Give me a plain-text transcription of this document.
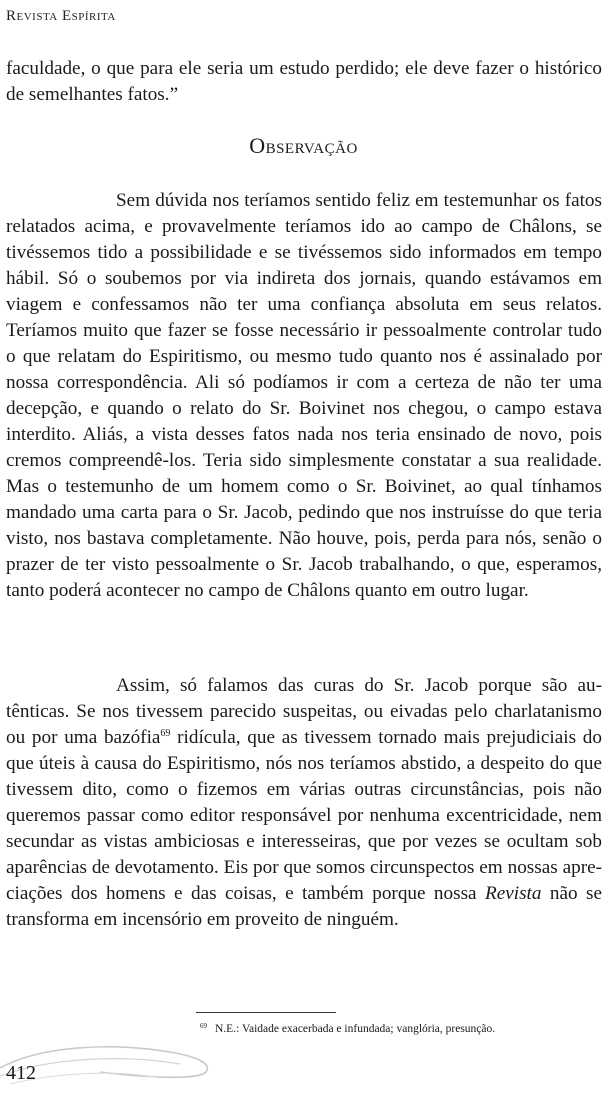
Revista Espírita
faculdade, o que para ele seria um estudo perdido; ele deve fazer o histórico de semelhantes fatos.”
Observação
Sem dúvida nos teríamos sentido feliz em testemunhar os fatos relatados acima, e provavelmente teríamos ido ao campo de Châlons, se tivéssemos tido a possibilidade e se tivéssemos sido informados em tempo hábil. Só o soubemos por via indireta dos jornais, quando estávamos em viagem e confessamos não ter uma confiança absoluta em seus relatos. Teríamos muito que fazer se fosse necessário ir pessoalmente controlar tudo o que relatam do Espiritismo, ou mesmo tudo quanto nos é assinalado por nossa correspondência. Ali só podíamos ir com a certeza de não ter uma decepção, e quando o relato do Sr. Boivinet nos chegou, o campo estava interdito. Aliás, a vista desses fatos nada nos teria ensinado de novo, pois cremos compreendê-los. Teria sido simplesmente constatar a sua realidade. Mas o testemunho de um homem como o Sr. Boivinet, ao qual tínhamos mandado uma carta para o Sr. Jacob, pedindo que nos instruísse do que teria visto, nos bastava completamente. Não houve, pois, perda para nós, senão o prazer de ter visto pessoalmente o Sr. Jacob trabalhando, o que, esperamos, tanto poderá acontecer no campo de Châlons quanto em outro lugar.
Assim, só falamos das curas do Sr. Jacob porque são autênticas. Se nos tivessem parecido suspeitas, ou eivadas pelo charlatanismo ou por uma bazófia$^{69}$ ridícula, que as tivessem tornado mais prejudiciais do que úteis à causa do Espiritismo, nós nos teríamos abstido, a despeito do que tivessem dito, como o fizemos em várias outras circunstâncias, pois não queremos passar como editor responsável por nenhuma excentricidade, nem secundar as vistas ambiciosas e interesseiras, que por vezes se ocultam sob aparências de devotamento. Eis por que somos circunspectos em nossas apreciações dos homens e das coisas, e também porque nossa Revista não se transforma em incensório em proveito de ninguém.
$^{69}$ N.E.: Vaidade exacerbada e infundada; vanglória, presunção.
412
